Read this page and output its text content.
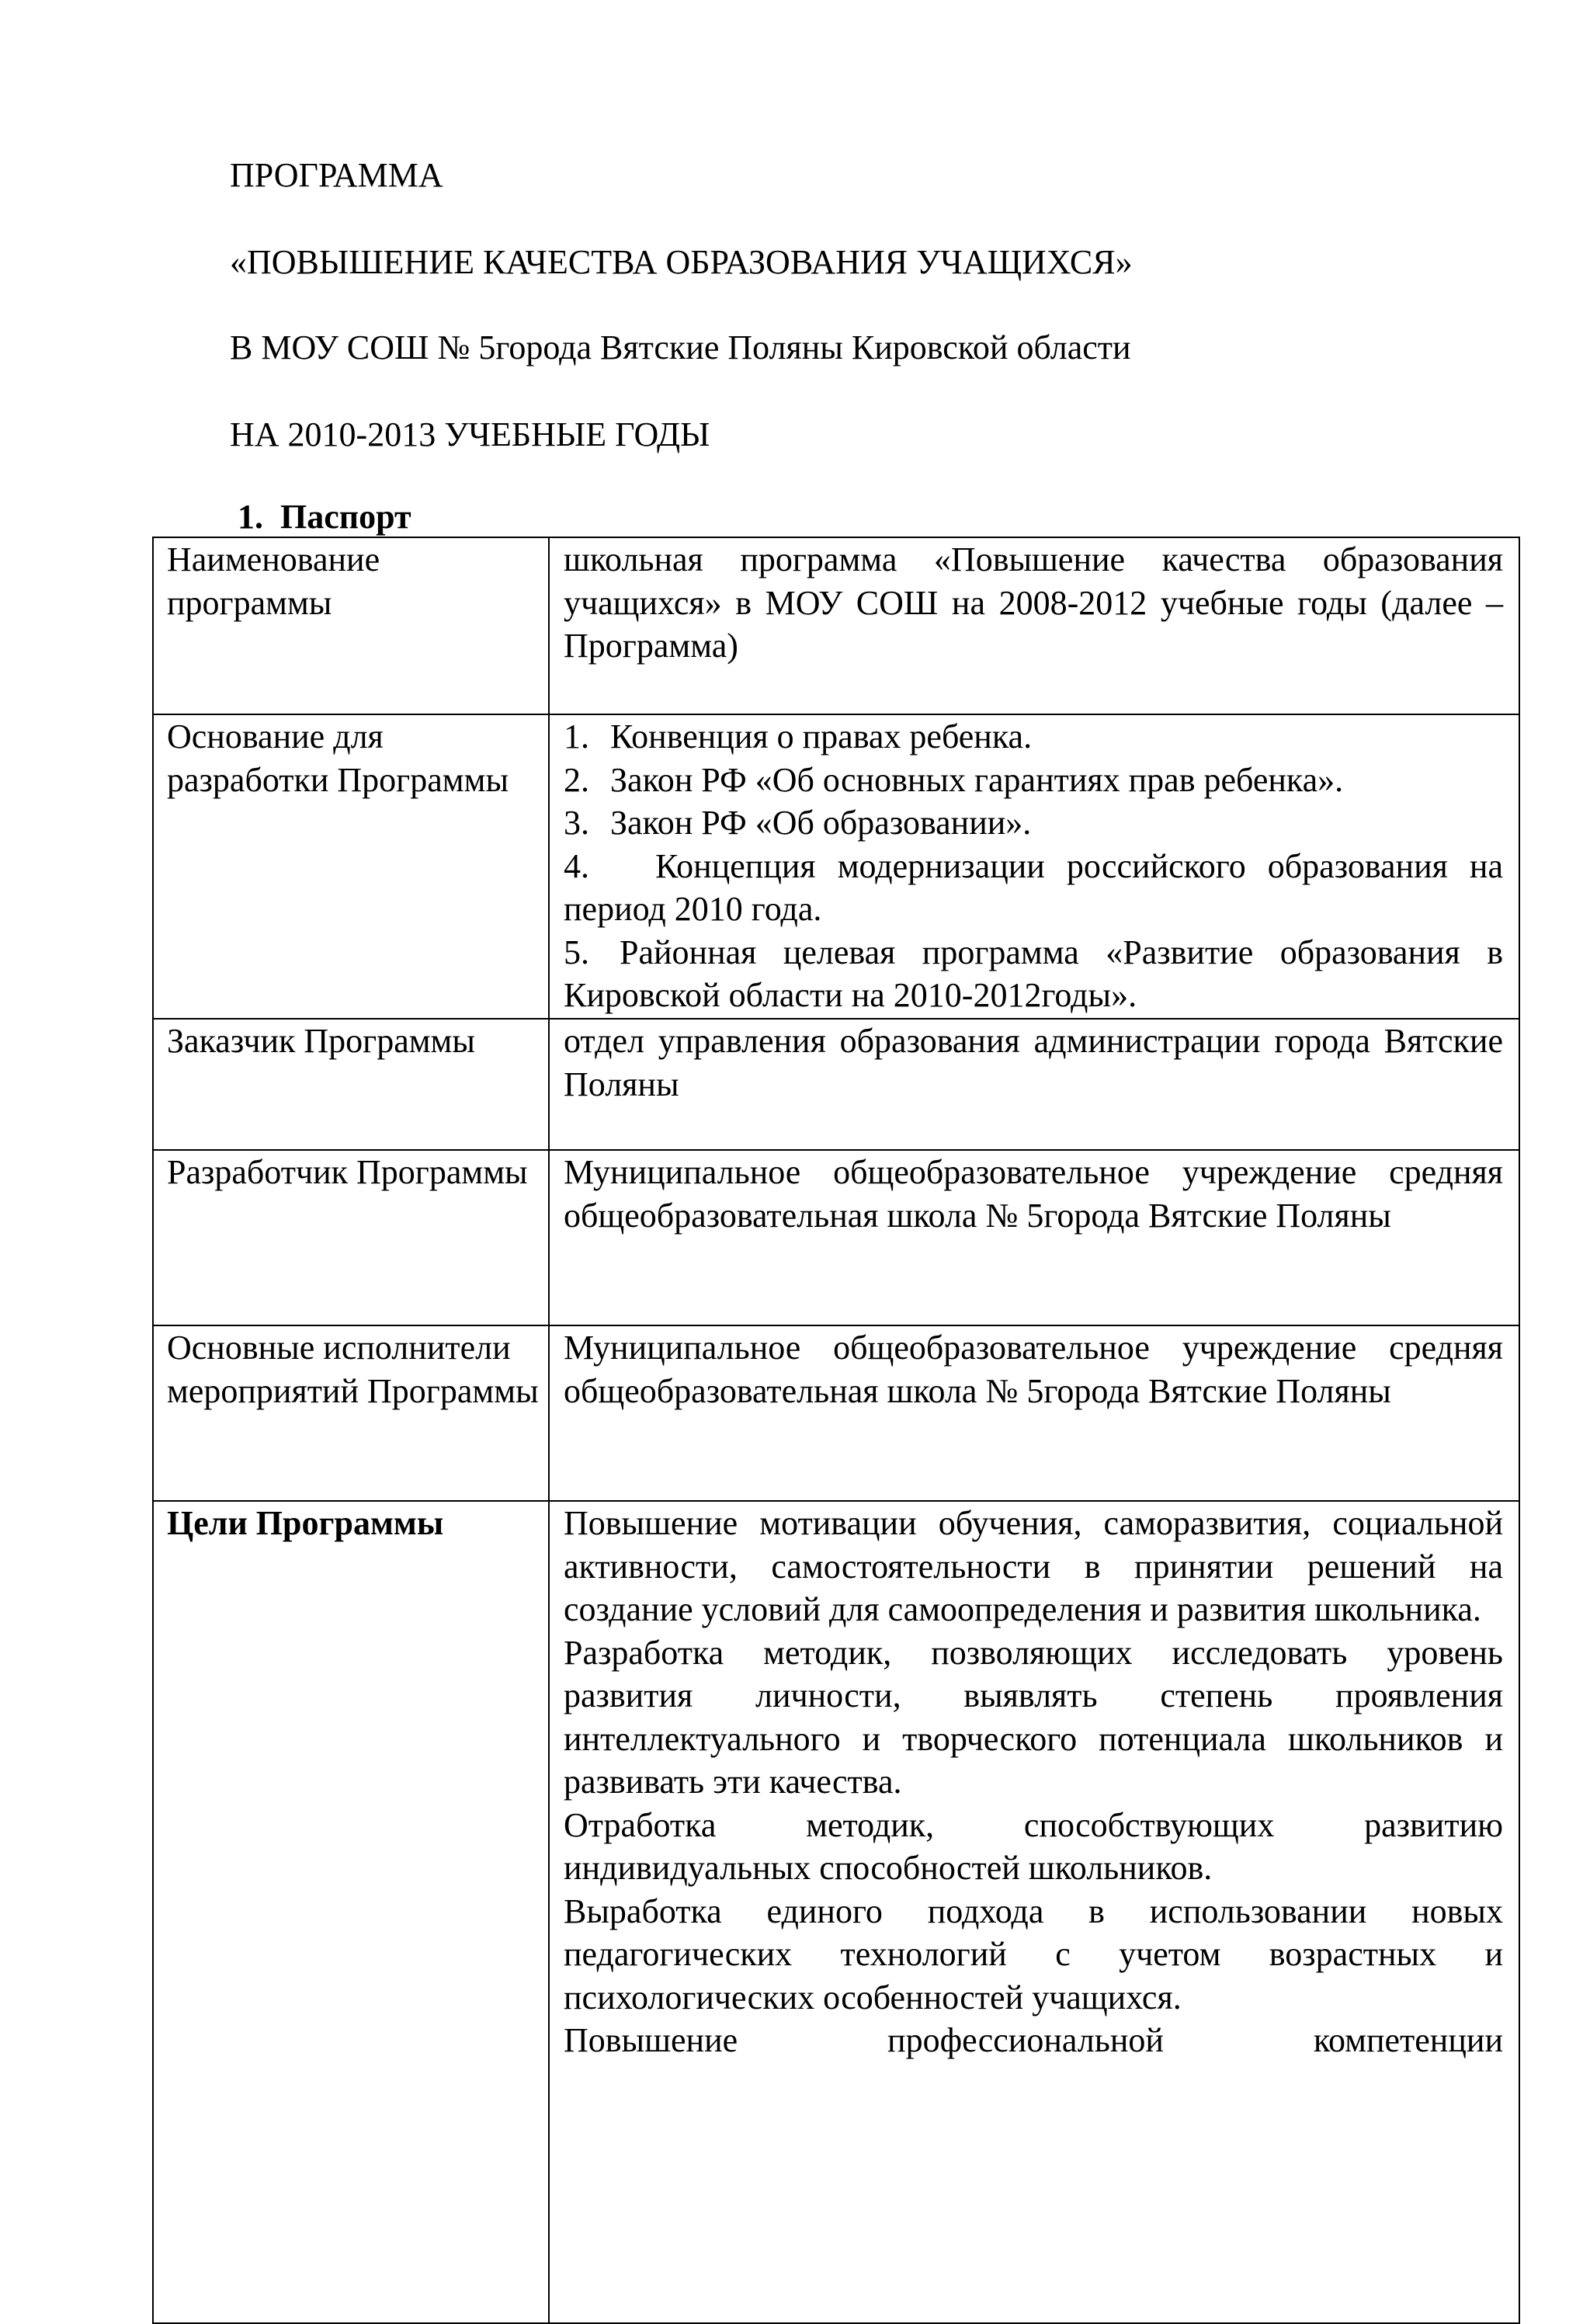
ПРОГРАММА

«ПОВЫШЕНИЕ КАЧЕСТВА ОБРАЗОВАНИЯ УЧАЩИХСЯ»

В МОУ СОШ № 5города Вятские Поляны Кировской области

НА 2010-2013 УЧЕБНЫЕ ГОДЫ

1. Паспорт

Наименование программы	школьная программа «Повышение качества образования учащихся» в МОУ СОШ на 2008-2012 учебные годы (далее – Программа)
Основание для разработки Программы	1. Конвенция о правах ребенка.

2. Закон РФ «Об основных гарантиях прав ребенка».

3. Закон РФ «Об образовании».

4. Концепция модернизации российского образования на период 2010 года.

5. Районная целевая программа «Развитие образования в Кировской области на 2010-2012годы».

Заказчик Программы	отдел управления образования администрации города Вятские Поляны
Разработчик Программы	Муниципальное общеобразовательное учреждение средняя общеобразовательная школа № 5города Вятские Поляны
Основные исполнители мероприятий Программы	Муниципальное общеобразовательное учреждение средняя общеобразовательная школа № 5города Вятские Поляны
Цели Программы	Повышение мотивации обучения, саморазвития, социальной активности, самостоятельности в принятии решений на создание условий для самоопределения и развития школьника.

Разработка методик, позволяющих исследовать уровень развития личности, выявлять степень проявления интеллектуального и творческого потенциала школьников и развивать эти качества.

Отработка методик, способствующих развитию индивидуальных способностей школьников.

Выработка единого подхода в использовании новых педагогических технологий с учетом возрастных и психологических особенностей учащихся.

Повышение профессиональной компетенции
